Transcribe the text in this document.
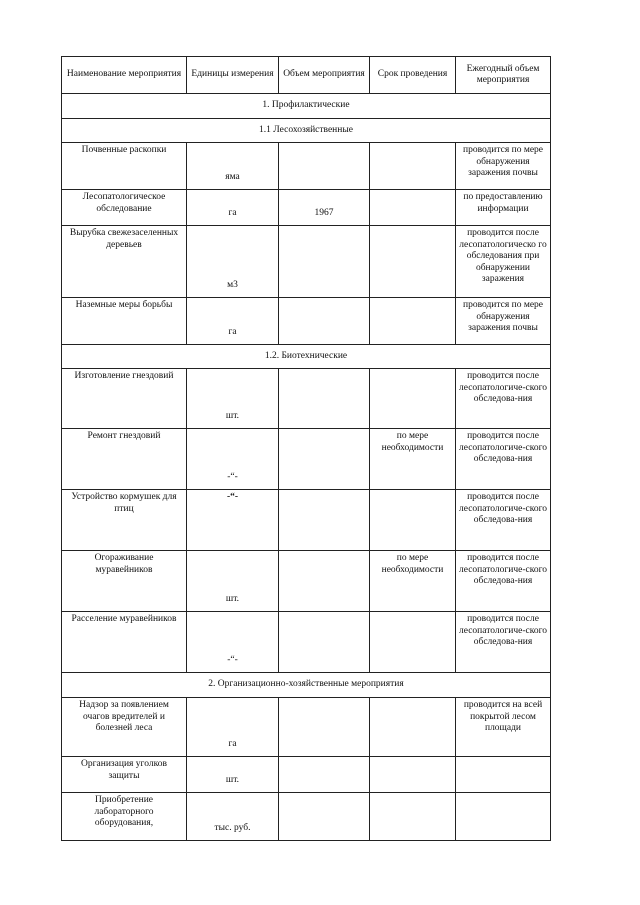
Наименование мероприятия	Единицы измерения	Объем мероприятия	Срок проведения	Ежегодный объем мероприятия
1. Профилактические				
1.1 Лесохозяйственные				
Почвенные раскопки	яма			проводится по мере обнаружения заражения почвы
Лесопатологическое обследование	га	1967		по предоставлению информации
Вырубка свежезаселенных деревьев	м3			проводится после лесопатологическо го обследования при обнаружении заражения
Наземные меры борьбы	га			проводится по мере обнаружения заражения почвы
1.2. Биотехнические				
Изготовление гнездовий	шт.			проводится после лесопатологиче-ского обследова-ния
Ремонт гнездовий	-“-		по мере необходимости	проводится после лесопатологиче-ского обследова-ния
Устройство кормушек для птиц	-“-			проводится после лесопатологиче-ского обследова-ния
Огораживание муравейников	шт.		по мере необходимости	проводится после лесопатологиче-ского обследова-ния
Расселение муравейников	-“-			проводится после лесопатологиче-ского обследова-ния
2. Организационно-хозяйственные мероприятия				
Надзор за появлением очагов вредителей и болезней леса	га			проводится на всей покрытой лесом площади
Организация уголков защиты	шт.			
Приобретение лабораторного оборудования,	тыс. руб.			
